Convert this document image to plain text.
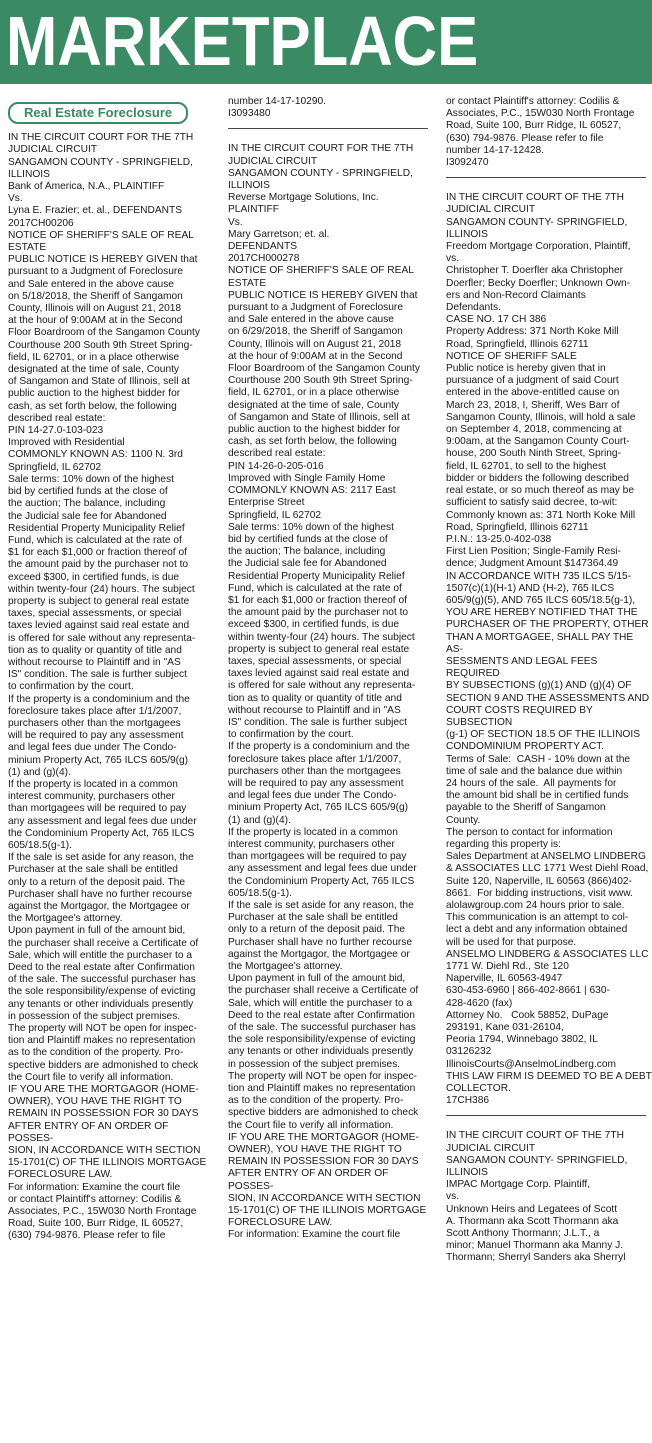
MARKETPLACE
Real Estate Foreclosure

IN THE CIRCUIT COURT FOR THE 7TH
JUDICIAL CIRCUIT
SANGAMON COUNTY - SPRINGFIELD,
ILLINOIS
Bank of America, N.A., PLAINTIFF
Vs.
Lyna E. Frazier; et. al., DEFENDANTS
2017CH00206
NOTICE OF SHERIFF'S SALE OF REAL
ESTATE
PUBLIC NOTICE IS HEREBY GIVEN that
pursuant to a Judgment of Foreclosure
and Sale entered in the above cause
on 5/18/2018, the Sheriff of Sangamon
County, Illinois will on August 21, 2018
at the hour of 9:00AM at in the Second
Floor Boardroom of the Sangamon County
Courthouse 200 South 9th Street Spring-
field, IL 62701, or in a place otherwise
designated at the time of sale, County
of Sangamon and State of Illinois, sell at
public auction to the highest bidder for
cash, as set forth below, the following
described real estate:
PIN 14-27.0-103-023
Improved with Residential
COMMONLY KNOWN AS: 1100 N. 3rd
Springfield, IL 62702
Sale terms: 10% down of the highest
bid by certified funds at the close of
the auction; The balance, including
the Judicial sale fee for Abandoned
Residential Property Municipality Relief
Fund, which is calculated at the rate of
$1 for each $1,000 or fraction thereof of
the amount paid by the purchaser not to
exceed $300, in certified funds, is due
within twenty-four (24) hours. The subject
property is subject to general real estate
taxes, special assessments, or special
taxes levied against said real estate and
is offered for sale without any representa-
tion as to quality or quantity of title and
without recourse to Plaintiff and in "AS
IS" condition. The sale is further subject
to confirmation by the court.
If the property is a condominium and the
foreclosure takes place after 1/1/2007,
purchasers other than the mortgagees
will be required to pay any assessment
and legal fees due under The Condo-
minium Property Act, 765 ILCS 605/9(g)
(1) and (g)(4).
If the property is located in a common
interest community, purchasers other
than mortgagees will be required to pay
any assessment and legal fees due under
the Condominium Property Act, 765 ILCS
605/18.5(g-1).
If the sale is set aside for any reason, the
Purchaser at the sale shall be entitled
only to a return of the deposit paid. The
Purchaser shall have no further recourse
against the Mortgagor, the Mortgagee or
the Mortgagee's attorney.
Upon payment in full of the amount bid,
the purchaser shall receive a Certificate of
Sale, which will entitle the purchaser to a
Deed to the real estate after Confirmation
of the sale. The successful purchaser has
the sole responsibility/expense of evicting
any tenants or other individuals presently
in possession of the subject premises.
The property will NOT be open for inspec-
tion and Plaintiff makes no representation
as to the condition of the property. Pro-
spective bidders are admonished to check
the Court file to verify all information.
IF YOU ARE THE MORTGAGOR (HOME-
OWNER), YOU HAVE THE RIGHT TO
REMAIN IN POSSESSION FOR 30 DAYS
AFTER ENTRY OF AN ORDER OF POSSES-
SION, IN ACCORDANCE WITH SECTION
15-1701(C) OF THE ILLINOIS MORTGAGE
FORECLOSURE LAW.
For information: Examine the court file
or contact Plaintiff's attorney: Codilis &
Associates, P.C., 15W030 North Frontage
Road, Suite 100, Burr Ridge, IL 60527,
(630) 794-9876. Please refer to file

number 14-17-10290.
I3093480

IN THE CIRCUIT COURT FOR THE 7TH
JUDICIAL CIRCUIT
SANGAMON COUNTY - SPRINGFIELD,
ILLINOIS
Reverse Mortgage Solutions, Inc.
PLAINTIFF
Vs.
Mary Garretson; et. al.
DEFENDANTS
2017CH000278
NOTICE OF SHERIFF'S SALE OF REAL
ESTATE
PUBLIC NOTICE IS HEREBY GIVEN that
pursuant to a Judgment of Foreclosure
and Sale entered in the above cause
on 6/29/2018, the Sheriff of Sangamon
County, Illinois will on August 21, 2018
at the hour of 9:00AM at in the Second
Floor Boardroom of the Sangamon County
Courthouse 200 South 9th Street Spring-
field, IL 62701, or in a place otherwise
designated at the time of sale, County
of Sangamon and State of Illinois, sell at
public auction to the highest bidder for
cash, as set forth below, the following
described real estate:
PIN 14-26-0-205-016
Improved with Single Family Home
COMMONLY KNOWN AS: 2117 East
Enterprise Street
Springfield, IL 62702
Sale terms: 10% down of the highest
bid by certified funds at the close of
the auction; The balance, including
the Judicial sale fee for Abandoned
Residential Property Municipality Relief
Fund, which is calculated at the rate of
$1 for each $1,000 or fraction thereof of
the amount paid by the purchaser not to
exceed $300, in certified funds, is due
within twenty-four (24) hours. The subject
property is subject to general real estate
taxes, special assessments, or special
taxes levied against said real estate and
is offered for sale without any representa-
tion as to quality or quantity of title and
without recourse to Plaintiff and in "AS
IS" condition. The sale is further subject
to confirmation by the court.
If the property is a condominium and the
foreclosure takes place after 1/1/2007,
purchasers other than the mortgagees
will be required to pay any assessment
and legal fees due under The Condo-
minium Property Act, 765 ILCS 605/9(g)
(1) and (g)(4).
If the property is located in a common
interest community, purchasers other
than mortgagees will be required to pay
any assessment and legal fees due under
the Condominium Property Act, 765 ILCS
605/18.5(g-1).
If the sale is set aside for any reason, the
Purchaser at the sale shall be entitled
only to a return of the deposit paid. The
Purchaser shall have no further recourse
against the Mortgagor, the Mortgagee or
the Mortgagee's attorney.
Upon payment in full of the amount bid,
the purchaser shall receive a Certificate of
Sale, which will entitle the purchaser to a
Deed to the real estate after Confirmation
of the sale. The successful purchaser has
the sole responsibility/expense of evicting
any tenants or other individuals presently
in possession of the subject premises.
The property will NOT be open for inspec-
tion and Plaintiff makes no representation
as to the condition of the property. Pro-
spective bidders are admonished to check
the Court file to verify all information.
IF YOU ARE THE MORTGAGOR (HOME-
OWNER), YOU HAVE THE RIGHT TO
REMAIN IN POSSESSION FOR 30 DAYS
AFTER ENTRY OF AN ORDER OF POSSES-
SION, IN ACCORDANCE WITH SECTION
15-1701(C) OF THE ILLINOIS MORTGAGE
FORECLOSURE LAW.
For information: Examine the court file

or contact Plaintiff's attorney: Codilis &
Associates, P.C., 15W030 North Frontage
Road, Suite 100, Burr Ridge, IL 60527,
(630) 794-9876. Please refer to file
number 14-17-12428.
I3092470

IN THE CIRCUIT COURT OF THE 7TH
JUDICIAL CIRCUIT
SANGAMON COUNTY- SPRINGFIELD,
ILLINOIS
Freedom Mortgage Corporation, Plaintiff,
vs.
Christopher T. Doerfler aka Christopher
Doerfler; Becky Doerfler; Unknown Own-
ers and Non-Record Claimants
Defendants.
CASE NO. 17 CH 386
Property Address: 371 North Koke Mill
Road, Springfield, Illinois 62711
NOTICE OF SHERIFF SALE
Public notice is hereby given that in
pursuance of a judgment of said Court
entered in the above-entitled cause on
March 23, 2018, I, Sheriff, Wes Barr of
Sangamon County, Illinois, will hold a sale
on September 4, 2018, commencing at
9:00am, at the Sangamon County Court-
house, 200 South Ninth Street, Spring-
field, IL 62701, to sell to the highest
bidder or bidders the following described
real estate, or so much thereof as may be
sufficient to satisfy said decree, to-wit:
Commonly known as: 371 North Koke Mill
Road, Springfield, Illinois 62711
P.I.N.: 13-25.0-402-038
First Lien Position; Single-Family Resi-
dence; Judgment Amount $147364.49
IN ACCORDANCE WITH 735 ILCS 5/15-
1507(c)(1)(H-1) AND (H-2), 765 ILCS
605/9(g)(5), AND 765 ILCS 605/18.5(g-1),
YOU ARE HEREBY NOTIFIED THAT THE
PURCHASER OF THE PROPERTY, OTHER
THAN A MORTGAGEE, SHALL PAY THE AS-
SESSMENTS AND LEGAL FEES REQUIRED
BY SUBSECTIONS (g)(1) AND (g)(4) OF
SECTION 9 AND THE ASSESSMENTS AND
COURT COSTS REQUIRED BY SUBSECTION
(g-1) OF SECTION 18.5 OF THE ILLINOIS
CONDOMINIUM PROPERTY ACT.
Terms of Sale:  CASH - 10% down at the
time of sale and the balance due within
24 hours of the sale.  All payments for
the amount bid shall be in certified funds
payable to the Sheriff of Sangamon
County.
The person to contact for information
regarding this property is:
Sales Department at ANSELMO LINDBERG
& ASSOCIATES LLC 1771 West Diehl Road,
Suite 120, Naperville, IL 60563 (866)402-
8661.  For bidding instructions, visit www.
alolawgroup.com 24 hours prior to sale.
This communication is an attempt to col-
lect a debt and any information obtained
will be used for that purpose.
ANSELMO LINDBERG & ASSOCIATES LLC
1771 W. Diehl Rd., Ste 120
Naperville, IL 60563-4947
630-453-6960 | 866-402-8661 | 630-
428-4620 (fax)
Attorney No.   Cook 58852, DuPage
293191, Kane 031-26104,
Peoria 1794, Winnebago 3802, IL
03126232
IllinoisCourts@AnselmoLindberg.com
THIS LAW FIRM IS DEEMED TO BE A DEBT
COLLECTOR.
17CH386

IN THE CIRCUIT COURT OF THE 7TH
JUDICIAL CIRCUIT
SANGAMON COUNTY- SPRINGFIELD,
ILLINOIS
IMPAC Mortgage Corp. Plaintiff,
vs.
Unknown Heirs and Legatees of Scott
A. Thormann aka Scott Thormann aka
Scott Anthony Thormann; J.L.T., a
minor; Manuel Thormann aka Manny J.
Thormann; Sherryl Sanders aka Sherryl
